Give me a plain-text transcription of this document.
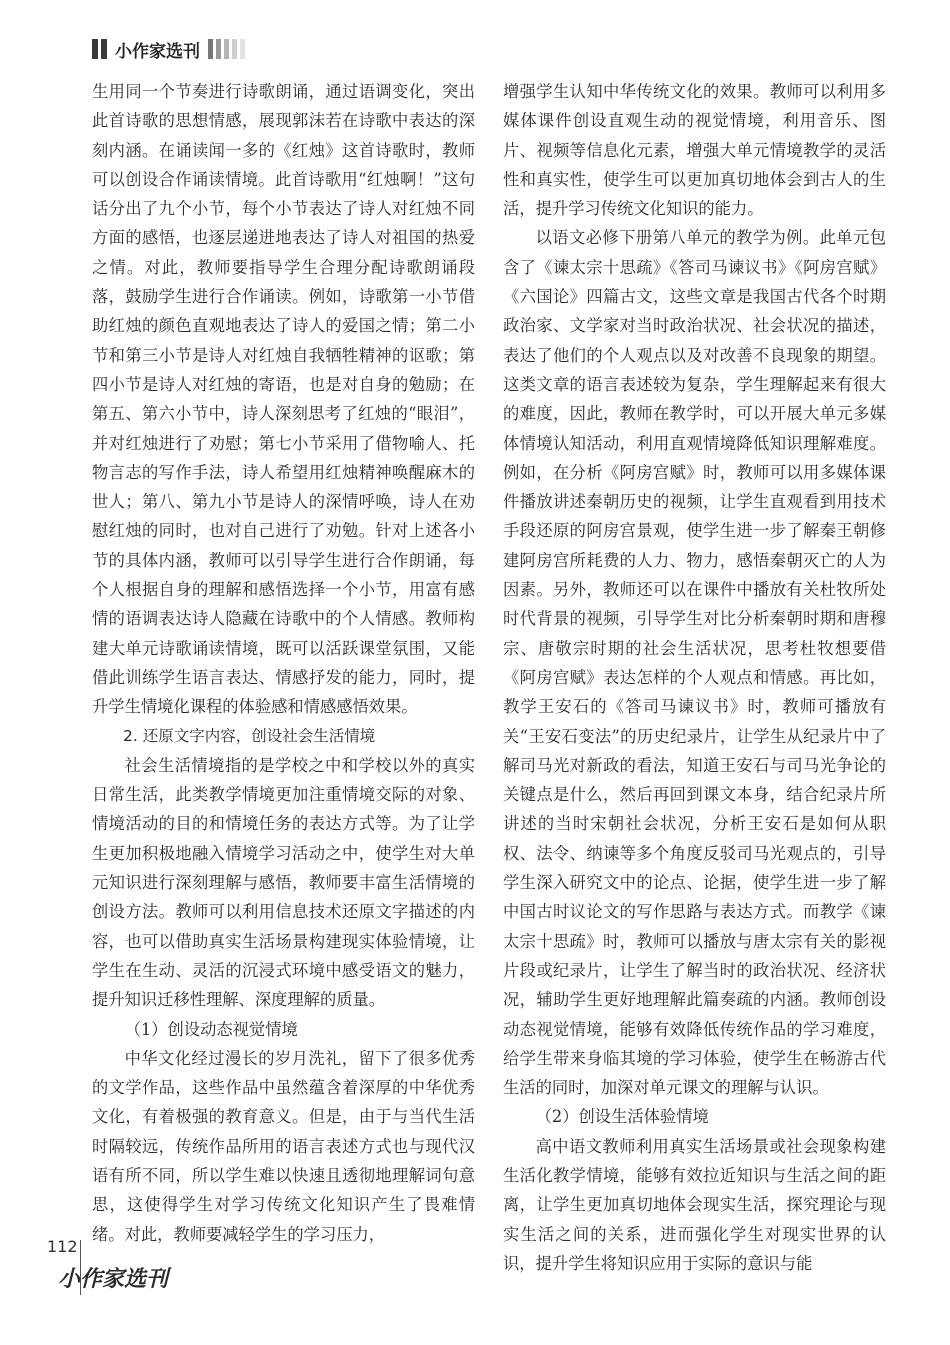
小作家选刊

生用同一个节奏进行诗歌朗诵，通过语调变化，突出此首诗歌的思想情感，展现郭沫若在诗歌中表达的深刻内涵。在诵读闻一多的《红烛》这首诗歌时，教师可以创设合作诵读情境。此首诗歌用“红烛啊！”这句话分出了九个小节，每个小节表达了诗人对红烛不同方面的感悟，也逐层递进地表达了诗人对祖国的热爱之情。对此，教师要指导学生合理分配诗歌朗诵段落，鼓励学生进行合作诵读。例如，诗歌第一小节借助红烛的颜色直观地表达了诗人的爱国之情；第二小节和第三小节是诗人对红烛自我牺牲精神的讴歌；第四小节是诗人对红烛的寄语，也是对自身的勉励；在第五、第六小节中，诗人深刻思考了红烛的“眼泪”，并对红烛进行了劝慰；第七小节采用了借物喻人、托物言志的写作手法，诗人希望用红烛精神唤醒麻木的世人；第八、第九小节是诗人的深情呼唤，诗人在劝慰红烛的同时，也对自己进行了劝勉。针对上述各小节的具体内涵，教师可以引导学生进行合作朗诵，每个人根据自身的理解和感悟选择一个小节，用富有感情的语调表达诗人隐藏在诗歌中的个人情感。教师构建大单元诗歌诵读情境，既可以活跃课堂氛围，又能借此训练学生语言表达、情感抒发的能力，同时，提升学生情境化课程的体验感和情感感悟效果。

2. 还原文字内容，创设社会生活情境

社会生活情境指的是学校之中和学校以外的真实日常生活，此类教学情境更加注重情境交际的对象、情境活动的目的和情境任务的表达方式等。为了让学生更加积极地融入情境学习活动之中，使学生对大单元知识进行深刻理解与感悟，教师要丰富生活情境的创设方法。教师可以利用信息技术还原文字描述的内容，也可以借助真实生活场景构建现实体验情境，让学生在生动、灵活的沉浸式环境中感受语文的魅力，提升知识迁移性理解、深度理解的质量。

（1）创设动态视觉情境

中华文化经过漫长的岁月洗礼，留下了很多优秀的文学作品，这些作品中虽然蕴含着深厚的中华优秀文化，有着极强的教育意义。但是，由于与当代生活时隔较远，传统作品所用的语言表述方式也与现代汉语有所不同，所以学生难以快速且透彻地理解词句意思，这使得学生对学习传统文化知识产生了畏难情绪。对此，教师要减轻学生的学习压力，

增强学生认知中华传统文化的效果。教师可以利用多媒体课件创设直观生动的视觉情境，利用音乐、图片、视频等信息化元素，增强大单元情境教学的灵活性和真实性，使学生可以更加真切地体会到古人的生活，提升学习传统文化知识的能力。

以语文必修下册第八单元的教学为例。此单元包含了《谏太宗十思疏》《答司马谏议书》《阿房宫赋》《六国论》四篇古文，这些文章是我国古代各个时期政治家、文学家对当时政治状况、社会状况的描述，表达了他们的个人观点以及对改善不良现象的期望。这类文章的语言表述较为复杂，学生理解起来有很大的难度，因此，教师在教学时，可以开展大单元多媒体情境认知活动，利用直观情境降低知识理解难度。例如，在分析《阿房宫赋》时，教师可以用多媒体课件播放讲述秦朝历史的视频，让学生直观看到用技术手段还原的阿房宫景观，使学生进一步了解秦王朝修建阿房宫所耗费的人力、物力，感悟秦朝灭亡的人为因素。另外，教师还可以在课件中播放有关杜牧所处时代背景的视频，引导学生对比分析秦朝时期和唐穆宗、唐敬宗时期的社会生活状况，思考杜牧想要借《阿房宫赋》表达怎样的个人观点和情感。再比如，教学王安石的《答司马谏议书》时，教师可播放有关“王安石变法”的历史纪录片，让学生从纪录片中了解司马光对新政的看法，知道王安石与司马光争论的关键点是什么，然后再回到课文本身，结合纪录片所讲述的当时宋朝社会状况，分析王安石是如何从职权、法令、纳谏等多个角度反驳司马光观点的，引导学生深入研究文中的论点、论据，使学生进一步了解中国古时议论文的写作思路与表达方式。而教学《谏太宗十思疏》时，教师可以播放与唐太宗有关的影视片段或纪录片，让学生了解当时的政治状况、经济状况，辅助学生更好地理解此篇奏疏的内涵。教师创设动态视觉情境，能够有效降低传统作品的学习难度，给学生带来身临其境的学习体验，使学生在畅游古代生活的同时，加深对单元课文的理解与认识。

（2）创设生活体验情境

高中语文教师利用真实生活场景或社会现象构建生活化教学情境，能够有效拉近知识与生活之间的距离，让学生更加真切地体会现实生活，探究理论与现实生活之间的关系，进而强化学生对现实世界的认识，提升学生将知识应用于实际的意识与能

112
小作家选刊
